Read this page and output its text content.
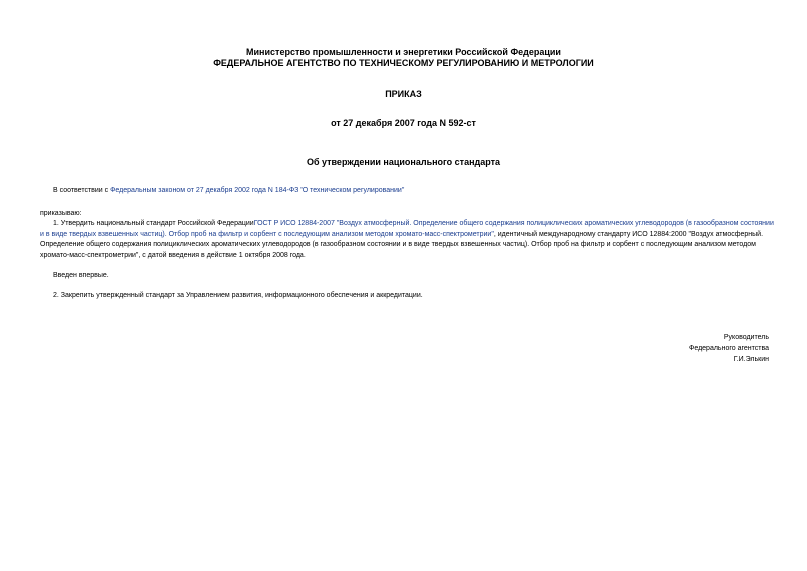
Министерство промышленности и энергетики Российской Федерации
ФЕДЕРАЛЬНОЕ АГЕНТСТВО ПО ТЕХНИЧЕСКОМУ РЕГУЛИРОВАНИЮ И МЕТРОЛОГИИ
ПРИКАЗ
от 27 декабря 2007 года N 592-ст
Об утверждении национального стандарта
В соответствии с Федеральным законом от 27 декабря 2002 года N 184-ФЗ "О техническом регулировании"
приказываю:
1. Утвердить национальный стандарт Российской ФедерацииГОСТ Р ИСО 12884-2007 "Воздух атмосферный. Определение общего содержания полициклических ароматических углеводородов (в газообразном состоянии и в виде твердых взвешенных частиц). Отбор проб на фильтр и сорбент с последующим анализом методом хромато-масс-спектрометрии", идентичный международному стандарту ИСО 12884:2000 "Воздух атмосферный. Определение общего содержания полициклических ароматических углеводородов (в газообразном состоянии и в виде твердых взвешенных частиц). Отбор проб на фильтр и сорбент с последующим анализом методом хромато-масс-спектрометрии", с датой введения в действие 1 октября 2008 года.
Введен впервые.
2. Закрепить утвержденный стандарт за Управлением развития, информационного обеспечения и аккредитации.
Руководитель
Федерального агентства
Г.И.Элькин
